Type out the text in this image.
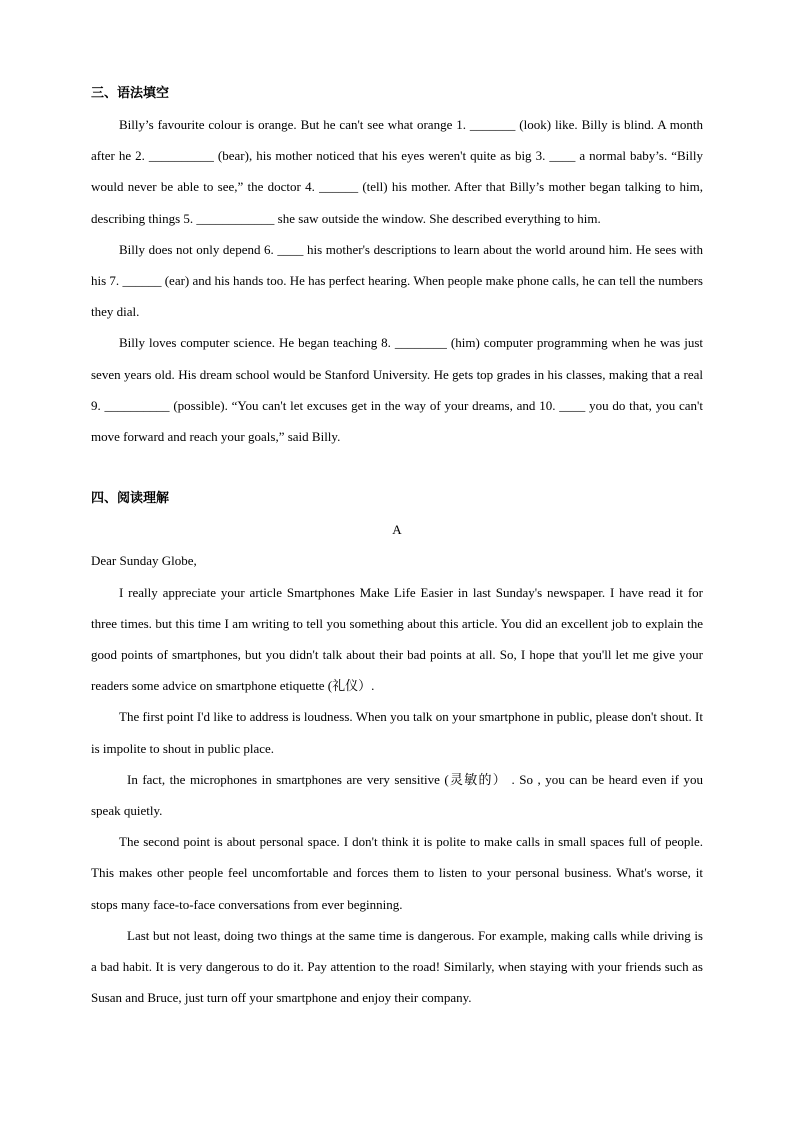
三、语法填空

Billy’s favourite colour is orange. But he can't see what orange 1. _______ (look) like. Billy is blind. A month after he 2. __________ (bear), his mother noticed that his eyes weren't quite as big 3. ____ a normal baby’s. “Billy would never be able to see,” the doctor 4. ______ (tell) his mother. After that Billy’s mother began talking to him, describing things 5. ____________ she saw outside the window. She described everything to him.

Billy does not only depend 6. ____ his mother's descriptions to learn about the world around him. He sees with his 7. ______ (ear) and his hands too. He has perfect hearing. When people make phone calls, he can tell the numbers they dial.

Billy loves computer science. He began teaching 8. ________ (him) computer programming when he was just seven years old. His dream school would be Stanford University. He gets top grades in his classes, making that a real 9. __________ (possible). “You can't let excuses get in the way of your dreams, and 10. ____ you do that, you can't move forward and reach your goals,” said Billy.

四、阅读理解

A

Dear Sunday Globe,

I really appreciate your article Smartphones Make Life Easier in last Sunday's newspaper. I have read it for three times. but this time I am writing to tell you something about this article. You did an excellent job to explain the good points of smartphones, but you didn't talk about their bad points at all. So, I hope that you'll let me give your readers some advice on smartphone etiquette (礼仪）.

The first point I'd like to address is loudness. When you talk on your smartphone in public, please don't shout. It is impolite to shout in public place.

In fact, the microphones in smartphones are very sensitive (灵敏的） . So , you can be heard even if you speak quietly.

The second point is about personal space. I don't think it is polite to make calls in small spaces full of people. This makes other people feel uncomfortable and forces them to listen to your personal business. What's worse, it stops many face-to-face conversations from ever beginning.

Last but not least, doing two things at the same time is dangerous. For example, making calls while driving is a bad habit. It is very dangerous to do it. Pay attention to the road! Similarly, when staying with your friends such as Susan and Bruce, just turn off your smartphone and enjoy their company.
